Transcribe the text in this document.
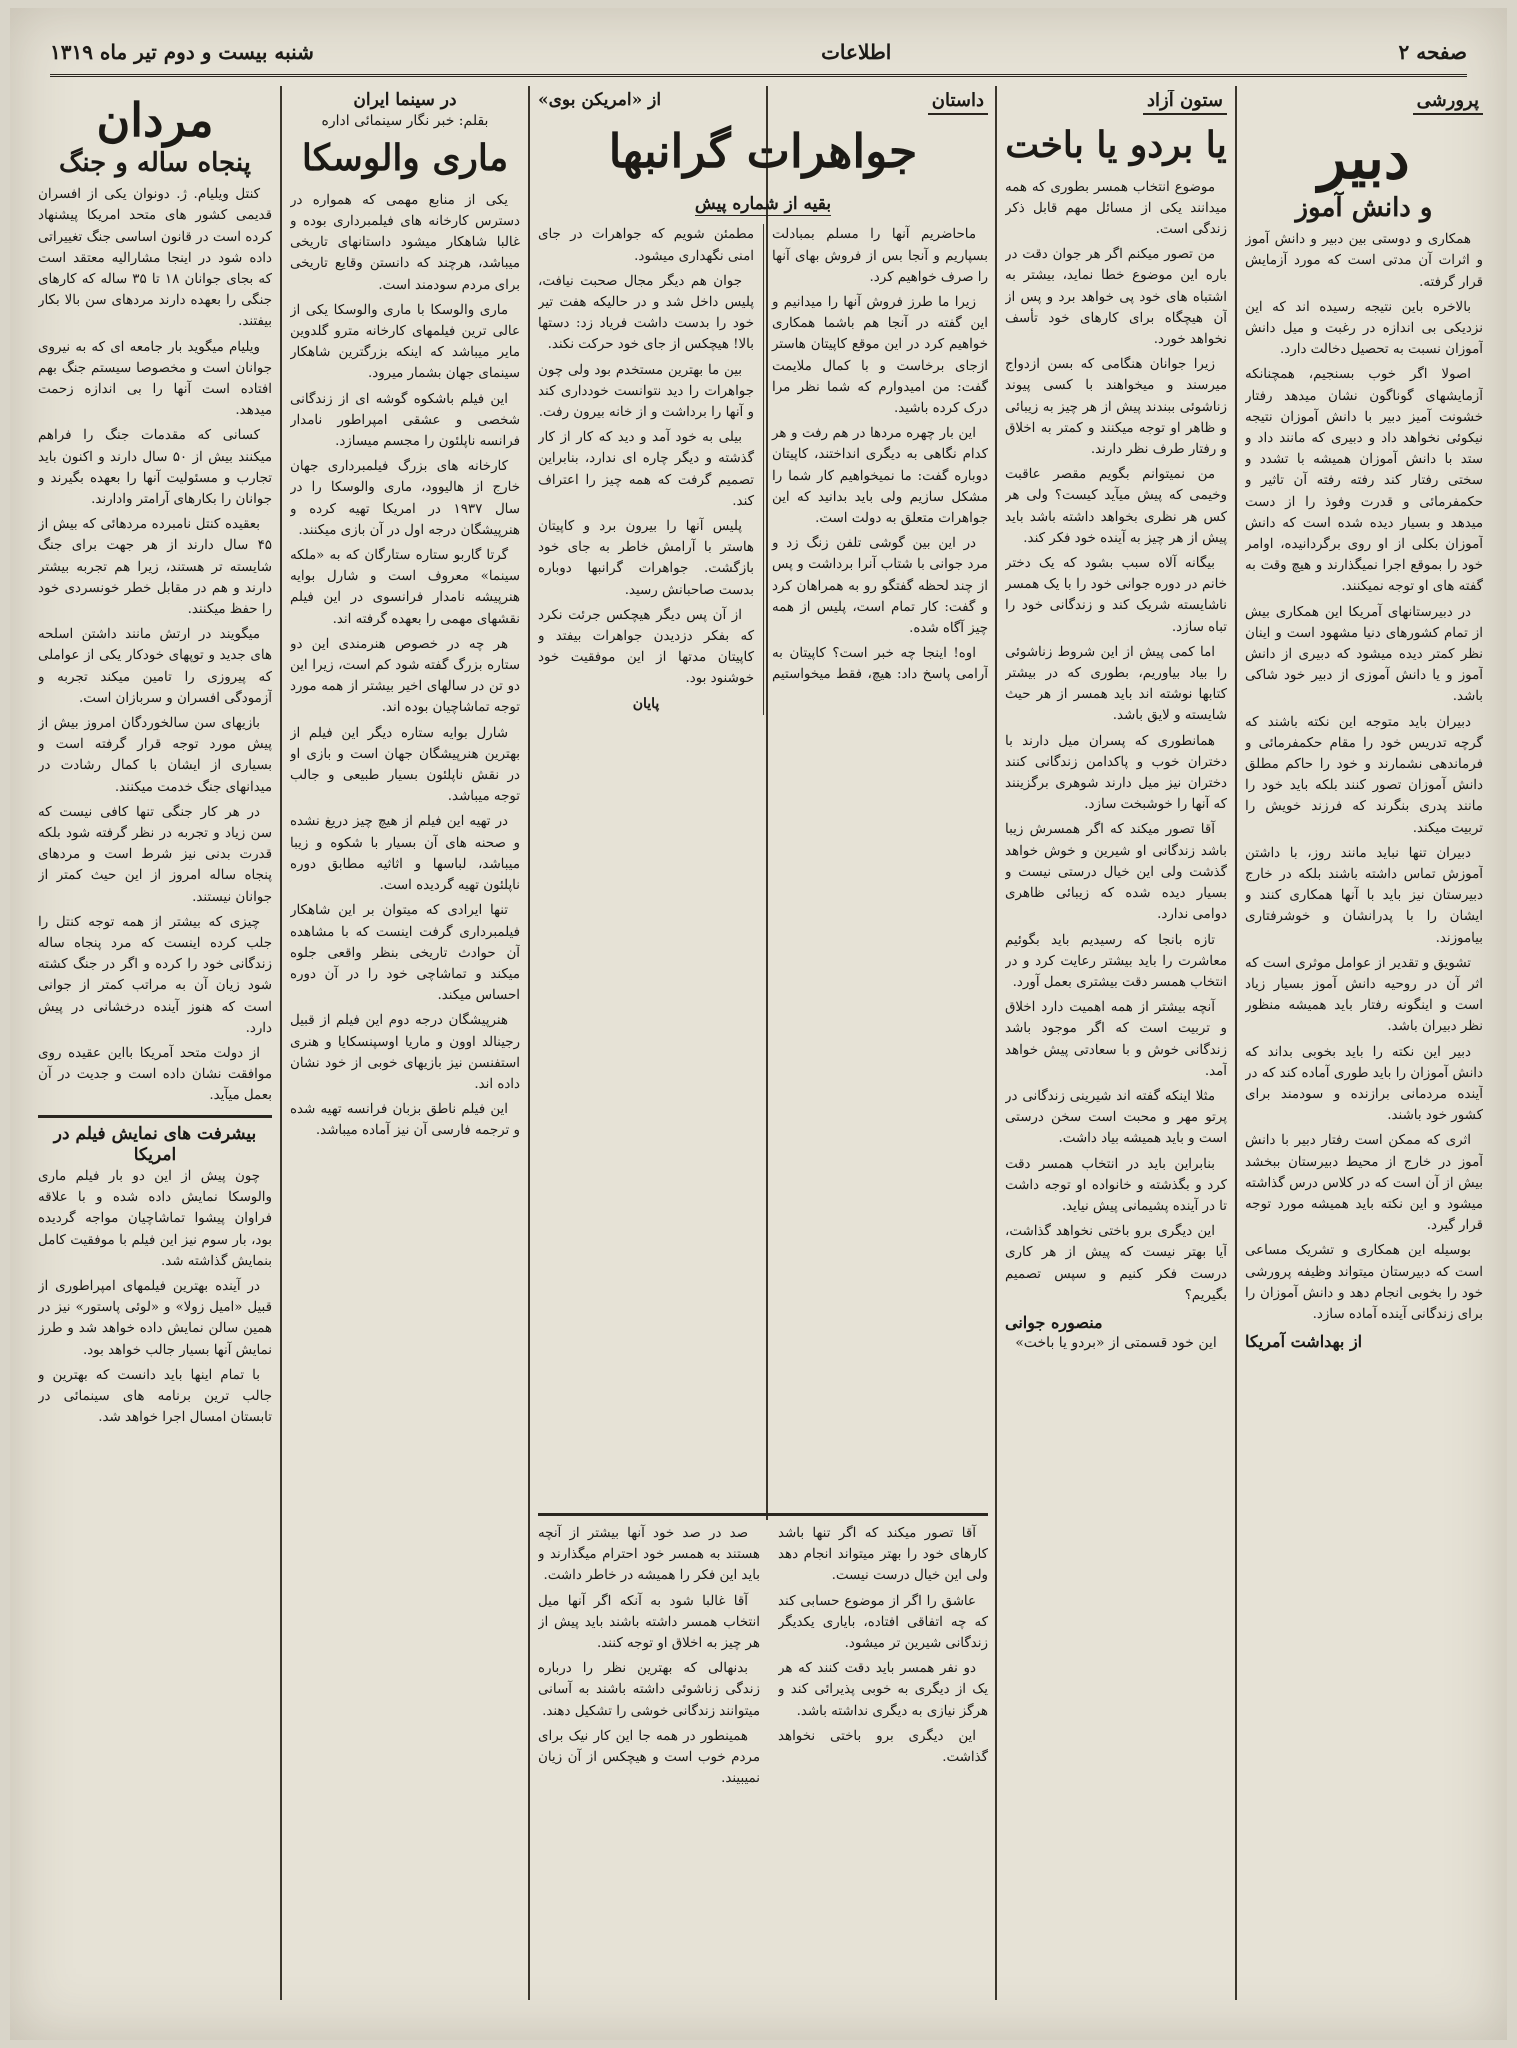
صفحه ۲
اطلاعات
شنبه بیست و دوم تیر ماه ۱۳۱۹
پرورشی
دبیر
و دانش آموز

همکاری و دوستی بین دبیر و دانش آموز و اثرات آن مدتی است که مورد آزمایش قرار گرفته.

بالاخره باین نتیجه رسیده اند که این نزدیکی بی اندازه در رغبت و میل دانش آموزان نسبت به تحصیل دخالت دارد.

اصولا اگر خوب بسنجیم، همچنانکه آزمایشهای گوناگون نشان میدهد رفتار خشونت آمیز دبیر با دانش آموزان نتیجه نیکوئی نخواهد داد و دبیری که مانند داد و ستد با دانش آموزان همیشه با تشدد و سختی رفتار کند رفته رفته آن تاثیر و حکمفرمائی و قدرت وفوذ را از دست میدهد و بسیار دیده شده است که دانش آموزان بکلی از او روی برگردانیده، اوامر خود را بموقع اجرا نمیگذارند و هیچ وقت به گفته های او توجه نمیکنند.

در دبیرستانهای آمریکا این همکاری بیش از تمام کشورهای دنیا مشهود است و اینان نظر کمتر دیده میشود که دبیری از دانش آموز و یا دانش آموزی از دبیر خود شاکی باشد.

دبیران باید متوجه این نکته باشند که گرچه تدریس خود را مقام حکمفرمائی و فرماندهی نشمارند و خود را حاکم مطلق دانش آموزان تصور کنند بلکه باید خود را مانند پدری بنگرند که فرزند خویش را تربیت میکند.

دبیران تنها نباید مانند روز، با داشتن آموزش تماس داشته باشند بلکه در خارج دبیرستان نیز باید با آنها همکاری کنند و ایشان را با پدرانشان و خوشرفتاری بیاموزند.

تشویق و تقدیر از عوامل موثری است که اثر آن در روحیه دانش آموز بسیار زیاد است و اینگونه رفتار باید همیشه منظور نظر دبیران باشد.

دبیر این نکته را باید بخوبی بداند که دانش آموزان را باید طوری آماده کند که در آینده مردمانی برازنده و سودمند برای کشور خود باشند.

اثری که ممکن است رفتار دبیر با دانش آموز در خارج از محیط دبیرستان ببخشد بیش از آن است که در کلاس درس گذاشته میشود و این نکته باید همیشه مورد توجه قرار گیرد.

بوسیله این همکاری و تشریک مساعی است که دبیرستان میتواند وظیفه پرورشی خود را بخوبی انجام دهد و دانش آموزان را برای زندگانی آینده آماده سازد.

از بهداشت آمریکا
ستون آزاد
یا بردو یا باخت

موضوع انتخاب همسر بطوری که همه میدانند یکی از مسائل مهم قابل ذکر زندگی است.

من تصور میکنم اگر هر جوان دقت در باره این موضوع خطا نماید، بیشتر به اشتباه های خود پی خواهد برد و پس از آن هیچگاه برای کارهای خود تأسف نخواهد خورد.

زیرا جوانان هنگامی که بسن ازدواج میرسند و میخواهند با کسی پیوند زناشوئی ببندند پیش از هر چیز به زیبائی و ظاهر او توجه میکنند و کمتر به اخلاق و رفتار طرف نظر دارند.

من نمیتوانم بگویم مقصر عاقبت وخیمی که پیش میآید کیست؟ ولی هر کس هر نظری بخواهد داشته باشد باید پیش از هر چیز به آینده خود فکر کند.

بیگانه آلاه سبب بشود که یک دختر خانم در دوره جوانی خود را با یک همسر ناشایسته شریک کند و زندگانی خود را تباه سازد.

اما کمی پیش از این شروط زناشوئی را بیاد بیاوریم، بطوری که در بیشتر کتابها نوشته اند باید همسر از هر حیث شایسته و لایق باشد.

همانطوری که پسران میل دارند با دختران خوب و پاکدامن زندگانی کنند دختران نیز میل دارند شوهری برگزینند که آنها را خوشبخت سازد.

آقا تصور میکند که اگر همسرش زیبا باشد زندگانی او شیرین و خوش خواهد گذشت ولی این خیال درستی نیست و بسیار دیده شده که زیبائی ظاهری دوامی ندارد.

تازه بانجا که رسیدیم باید بگوئیم معاشرت را باید بیشتر رعایت کرد و در انتخاب همسر دقت بیشتری بعمل آورد.

آنچه بیشتر از همه اهمیت دارد اخلاق و تربیت است که اگر موجود باشد زندگانی خوش و با سعادتی پیش خواهد آمد.

مثلا اینکه گفته اند شیرینی زندگانی در پرتو مهر و محبت است سخن درستی است و باید همیشه بیاد داشت.

بنابراین باید در انتخاب همسر دقت کرد و بگذشته و خانواده او توجه داشت تا در آینده پشیمانی پیش نیاید.

این دیگری برو باختی نخواهد گذاشت، آیا بهتر نیست که پیش از هر کاری درست فکر کنیم و سپس تصمیم بگیریم؟

منصوره جوانی
این خود قسمتی از «بردو یا باخت»
داستان
از «امریکن بوی»
جواهرات گرانبها
بقیه از شماره پیش

ماحاضریم آنها را مسلم بمبادلت بسپاریم و آنجا بس از فروش بهای آنها را صرف خواهیم کرد.

زیرا ما طرز فروش آنها را میدانیم و این گفته در آنجا هم باشما همکاری خواهیم کرد در این موقع کاپیتان هاستر ازجای برخاست و با کمال ملایمت گفت: من امیدوارم که شما نظر مرا درک کرده باشید.

این بار چهره مردها در هم رفت و هر کدام نگاهی به دیگری انداختند، کاپیتان دوباره گفت: ما نمیخواهیم کار شما را مشکل سازیم ولی باید بدانید که این جواهرات متعلق به دولت است.

در این بین گوشی تلفن زنگ زد و مرد جوانی با شتاب آنرا برداشت و پس از چند لحظه گفتگو رو به همراهان کرد و گفت: کار تمام است، پلیس از همه چیز آگاه شده.

اوه! اینجا چه خبر است؟ کاپیتان به آرامی پاسخ داد: هیچ، فقط میخواستیم مطمئن شویم که جواهرات در جای امنی نگهداری میشود.

جوان هم دیگر مجال صحبت نیافت، پلیس داخل شد و در حالیکه هفت تیر خود را بدست داشت فریاد زد: دستها بالا! هیچکس از جای خود حرکت نکند.

بین ما بهترین مستخدم بود ولی چون جواهرات را دید نتوانست خودداری کند و آنها را برداشت و از خانه بیرون رفت.

بیلی به خود آمد و دید که کار از کار گذشته و دیگر چاره ای ندارد، بنابراین تصمیم گرفت که همه چیز را اعتراف کند.

پلیس آنها را بیرون برد و کاپیتان هاستر با آرامش خاطر به جای خود بازگشت. جواهرات گرانبها دوباره بدست صاحبانش رسید.

از آن پس دیگر هیچکس جرئت نکرد که بفکر دزدیدن جواهرات بیفتد و کاپیتان مدتها از این موفقیت خود خوشنود بود.

پایان

آقا تصور میکند که اگر تنها باشد کارهای خود را بهتر میتواند انجام دهد ولی این خیال درست نیست.

عاشق را اگر از موضوع حسابی کند که چه اتفاقی افتاده، بایاری یکدیگر زندگانی شیرین تر میشود.

دو نفر همسر باید دقت کنند که هر یک از دیگری به خوبی پذیرائی کند و هرگز نیازی به دیگری نداشته باشد.

این دیگری برو باختی نخواهد گذاشت.

صد در صد خود آنها بیشتر از آنچه هستند به همسر خود احترام میگذارند و باید این فکر را همیشه در خاطر داشت.

آقا غالبا شود به آنکه اگر آنها میل انتخاب همسر داشته باشند باید پیش از هر چیز به اخلاق او توجه کنند.

بدنهالی که بهترین نظر را درباره زندگی زناشوئی داشته باشند به آسانی میتوانند زندگانی خوشی را تشکیل دهند.

همینطور در همه جا این کار نیک برای مردم خوب است و هیچکس از آن زیان نمیبیند.

در سینما ایران
بقلم: خبر نگار سینمائی اداره
ماری والوسکا

یکی از منابع مهمی که همواره در دسترس کارخانه های فیلمبرداری بوده و غالبا شاهکار میشود داستانهای تاریخی میباشد، هرچند که دانستن وقایع تاریخی برای مردم سودمند است.

ماری والوسکا با ماری والوسکا یکی از عالی ترین فیلمهای کارخانه مترو گلدوین مایر میباشد که اینکه بزرگترین شاهکار سینمای جهان بشمار میرود.

این فیلم باشکوه گوشه ای از زندگانی شخصی و عشقی امپراطور نامدار فرانسه ناپلئون را مجسم میسازد.

کارخانه های بزرگ فیلمبرداری جهان خارج از هالیوود، ماری والوسکا را در سال ۱۹۳۷ در امریکا تهیه کرده و هنرپیشگان درجه اول در آن بازی میکنند.

گرتا گاربو ستاره ستارگان که به «ملکه سینما» معروف است و شارل بوایه هنرپیشه نامدار فرانسوی در این فیلم نقشهای مهمی را بعهده گرفته اند.

هر چه در خصوص هنرمندی این دو ستاره بزرگ گفته شود کم است، زیرا این دو تن در سالهای اخیر بیشتر از همه مورد توجه تماشاچیان بوده اند.

شارل بوایه ستاره دیگر این فیلم از بهترین هنرپیشگان جهان است و بازی او در نقش ناپلئون بسیار طبیعی و جالب توجه میباشد.

در تهیه این فیلم از هیچ چیز دریغ نشده و صحنه های آن بسیار با شکوه و زیبا میباشد، لباسها و اثاثیه مطابق دوره ناپلئون تهیه گردیده است.

تنها ایرادی که میتوان بر این شاهکار فیلمبرداری گرفت اینست که با مشاهده آن حوادث تاریخی بنظر واقعی جلوه میکند و تماشاچی خود را در آن دوره احساس میکند.

هنرپیشگان درجه دوم این فیلم از قبیل رجینالد اوون و ماریا اوسپنسکایا و هنری استفنسن نیز بازیهای خوبی از خود نشان داده اند.

این فیلم ناطق بزبان فرانسه تهیه شده و ترجمه فارسی آن نیز آماده میباشد.

مردان
پنجاه ساله و جنگ

کنتل ویلیام. ژ. دونوان یکی از افسران قدیمی کشور های متحد امریکا پیشنهاد کرده است در قانون اساسی جنگ تغییراتی داده شود در اینجا مشارالیه معتقد است که بجای جوانان ۱۸ تا ۳۵ ساله که کارهای جنگی را بعهده دارند مردهای سن بالا بکار بیفتند.

ویلیام میگوید بار جامعه ای که به نیروی جوانان است و مخصوصا سیستم جنگ بهم افتاده است آنها را بی اندازه زحمت میدهد.

کسانی که مقدمات جنگ را فراهم میکنند بیش از ۵۰ سال دارند و اکنون باید تجارب و مسئولیت آنها را بعهده بگیرند و جوانان را بکارهای آرامتر وادارند.

بعقیده کنتل نامبرده مردهائی که بیش از ۴۵ سال دارند از هر جهت برای جنگ شایسته تر هستند، زیرا هم تجربه بیشتر دارند و هم در مقابل خطر خونسردی خود را حفظ میکنند.

میگویند در ارتش مانند داشتن اسلحه های جدید و توپهای خودکار یکی از عواملی که پیروزی را تامین میکند تجربه و آزمودگی افسران و سربازان است.

بازیهای سن سالخوردگان امروز بیش از پیش مورد توجه قرار گرفته است و بسیاری از ایشان با کمال رشادت در میدانهای جنگ خدمت میکنند.

در هر کار جنگی تنها کافی نیست که سن زیاد و تجربه در نظر گرفته شود بلکه قدرت بدنی نیز شرط است و مردهای پنجاه ساله امروز از این حیث کمتر از جوانان نیستند.

چیزی که بیشتر از همه توجه کنتل را جلب کرده اینست که مرد پنجاه ساله زندگانی خود را کرده و اگر در جنگ کشته شود زیان آن به مراتب کمتر از جوانی است که هنوز آینده درخشانی در پیش دارد.

از دولت متحد آمریکا بااین عقیده روی موافقت نشان داده است و جدیت در آن بعمل میآید.

بیشرفت های نمایش فیلم در امریکا

چون پیش از این دو بار فیلم ماری والوسکا نمایش داده شده و با علاقه فراوان پیشوا تماشاچیان مواجه گردیده بود، بار سوم نیز این فیلم با موفقیت کامل بنمایش گذاشته شد.

در آینده بهترین فیلمهای امپراطوری از قبیل «امیل زولا» و «لوئی پاستور» نیز در همین سالن نمایش داده خواهد شد و طرز نمایش آنها بسیار جالب خواهد بود.

با تمام اینها باید دانست که بهترین و جالب ترین برنامه های سینمائی در تابستان امسال اجرا خواهد شد.
